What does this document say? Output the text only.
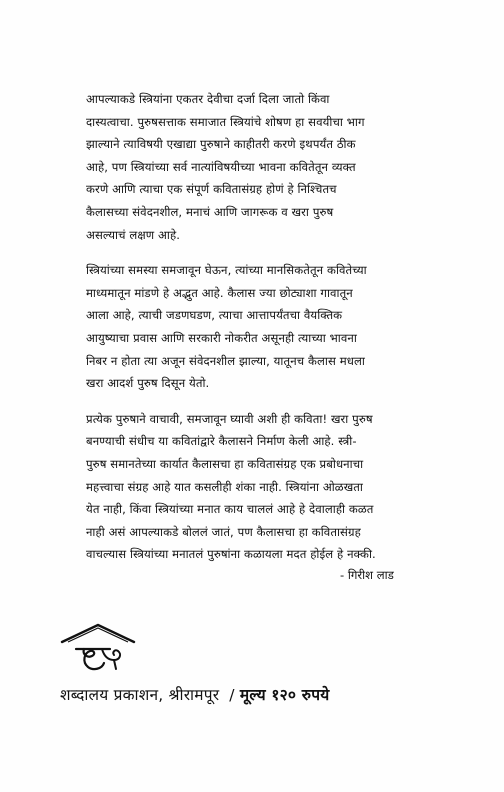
आपल्याकडे स्त्रियांना एकतर देवीचा दर्जा दिला जातो किंवा
दास्यत्वाचा. पुरुषसत्ताक समाजात स्त्रियांचे शोषण हा सवयीचा भाग
झाल्याने त्याविषयी एखाद्या पुरुषाने काहीतरी करणे इथपर्यंत ठीक
आहे, पण स्त्रियांच्या सर्व नात्यांविषयीच्या भावना कवितेतून व्यक्त
करणे आणि त्याचा एक संपूर्ण कवितासंग्रह होणं हे निश्चितच
कैलासच्या संवेदनशील, मनाचं आणि जागरूक व खरा पुरुष
असल्याचं लक्षण आहे.

स्त्रियांच्या समस्या समजावून घेऊन, त्यांच्या मानसिकतेतून कवितेच्या
माध्यमातून मांडणे हे अद्भुत आहे. कैलास ज्या छोट्याशा गावातून
आला आहे, त्याची जडणघडण, त्याचा आत्तापर्यंतचा वैयक्तिक
आयुष्याचा प्रवास आणि सरकारी नोकरीत असूनही त्याच्या भावना
निबर न होता त्या अजून संवेदनशील झाल्या, यातूनच कैलास मधला
खरा आदर्श पुरुष दिसून येतो.

प्रत्येक पुरुषाने वाचावी, समजावून घ्यावी अशी ही कविता! खरा पुरुष
बनण्याची संधीच या कवितांद्वारे कैलासने निर्माण केली आहे. स्त्री-
पुरुष समानतेच्या कार्यात कैलासचा हा कवितासंग्रह एक प्रबोधनाचा
महत्त्वाचा संग्रह आहे यात कसलीही शंका नाही. स्त्रियांना ओळखता
येत नाही, किंवा स्त्रियांच्या मनात काय चाललं आहे हे देवालाही कळत
नाही असं आपल्याकडे बोललं जातं, पण कैलासचा हा कवितासंग्रह
वाचल्यास स्त्रियांच्या मनातलं पुरुषांना कळायला मदत होईल हे नक्की.

- गिरीश लाड
शब्दालय प्रकाशन, श्रीरामपूर / मूल्य १२० रुपये
